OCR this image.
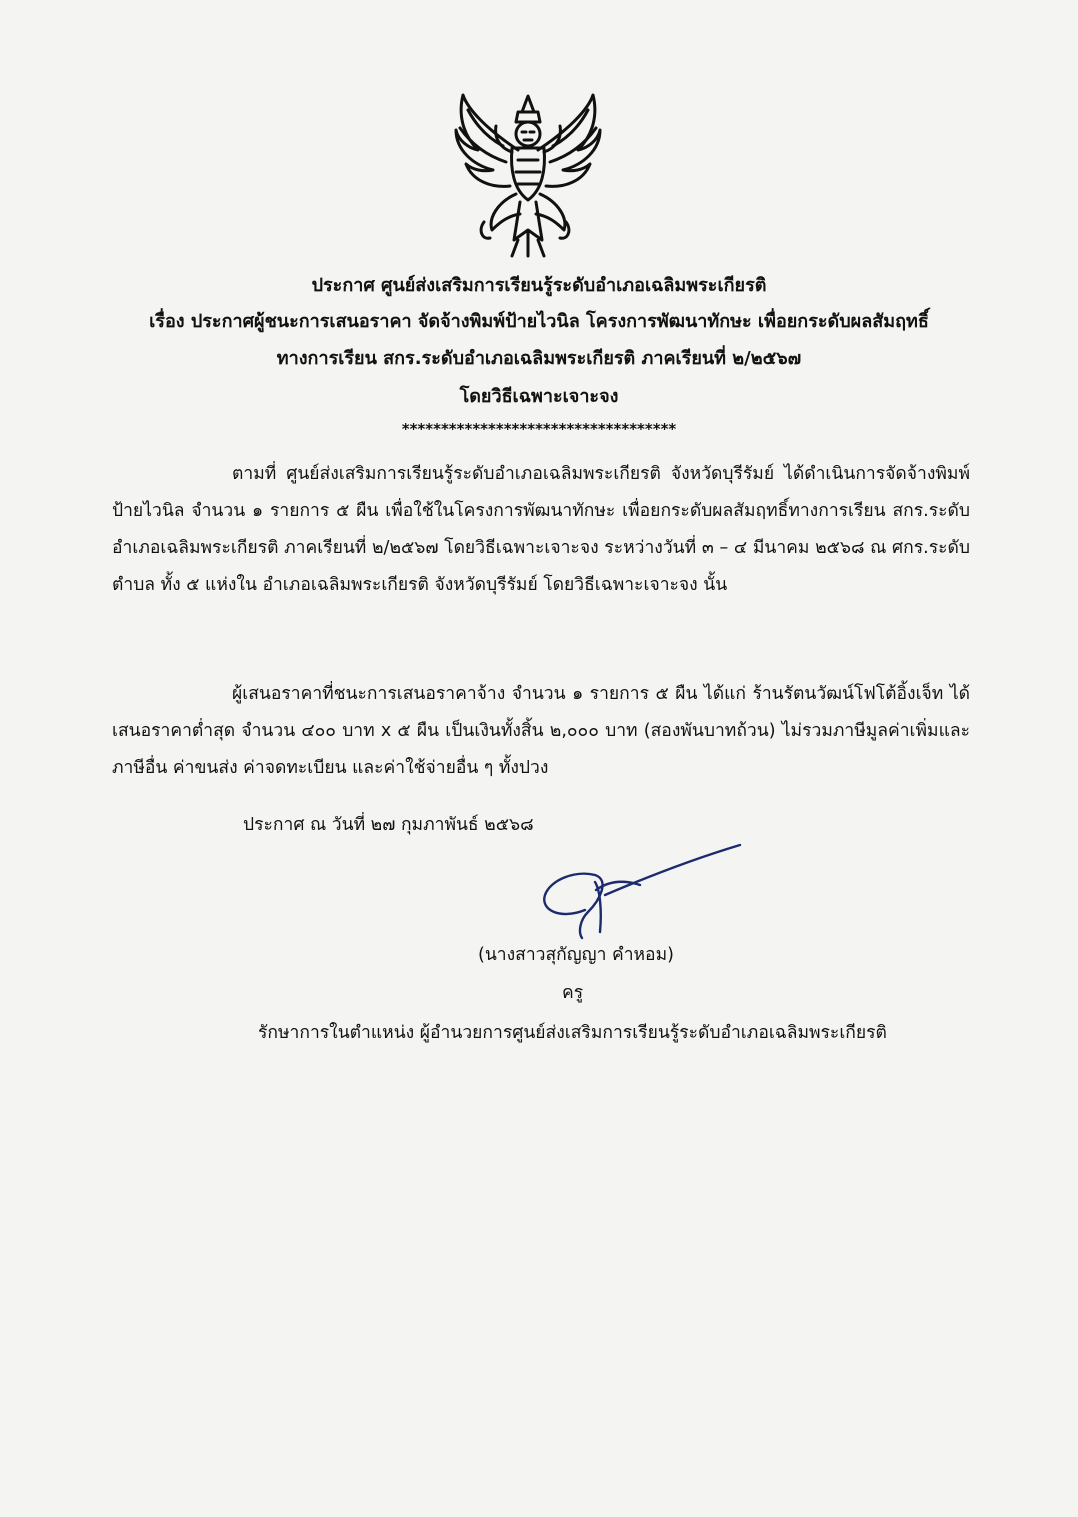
ประกาศ ศูนย์ส่งเสริมการเรียนรู้ระดับอำเภอเฉลิมพระเกียรติ
เรื่อง ประกาศผู้ชนะการเสนอราคา จัดจ้างพิมพ์ป้ายไวนิล โครงการพัฒนาทักษะ เพื่อยกระดับผลสัมฤทธิ์
ทางการเรียน สกร.ระดับอำเภอเฉลิมพระเกียรติ ภาคเรียนที่ ๒/๒๕๖๗
โดยวิธีเฉพาะเจาะจง
***********************************
ตามที่ ศูนย์ส่งเสริมการเรียนรู้ระดับอำเภอเฉลิมพระเกียรติ จังหวัดบุรีรัมย์ ได้ดำเนินการจัดจ้างพิมพ์ป้ายไวนิล จำนวน ๑ รายการ ๕ ผืน เพื่อใช้ในโครงการพัฒนาทักษะ เพื่อยกระดับผลสัมฤทธิ์ทางการเรียน สกร.ระดับอำเภอเฉลิมพระเกียรติ ภาคเรียนที่ ๒/๒๕๖๗ โดยวิธีเฉพาะเจาะจง ระหว่างวันที่ ๓ – ๔ มีนาคม ๒๕๖๘ ณ ศกร.ระดับตำบล ทั้ง ๕ แห่งใน อำเภอเฉลิมพระเกียรติ จังหวัดบุรีรัมย์ โดยวิธีเฉพาะเจาะจง นั้น
ผู้เสนอราคาที่ชนะการเสนอราคาจ้าง จำนวน ๑ รายการ ๕ ผืน ได้แก่ ร้านรัตนวัฒน์โฟโต้อิ้งเจ็ท ได้เสนอราคาต่ำสุด จำนวน ๔๐๐ บาท x ๕ ผืน เป็นเงินทั้งสิ้น ๒,๐๐๐ บาท (สองพันบาทถ้วน) ไม่รวมภาษีมูลค่าเพิ่มและภาษีอื่น ค่าขนส่ง ค่าจดทะเบียน และค่าใช้จ่ายอื่น ๆ ทั้งปวง
ประกาศ ณ วันที่ ๒๗ กุมภาพันธ์ ๒๕๖๘
(นางสาวสุกัญญา คำหอม)
ครู
รักษาการในตำแหน่ง ผู้อำนวยการศูนย์ส่งเสริมการเรียนรู้ระดับอำเภอเฉลิมพระเกียรติ
